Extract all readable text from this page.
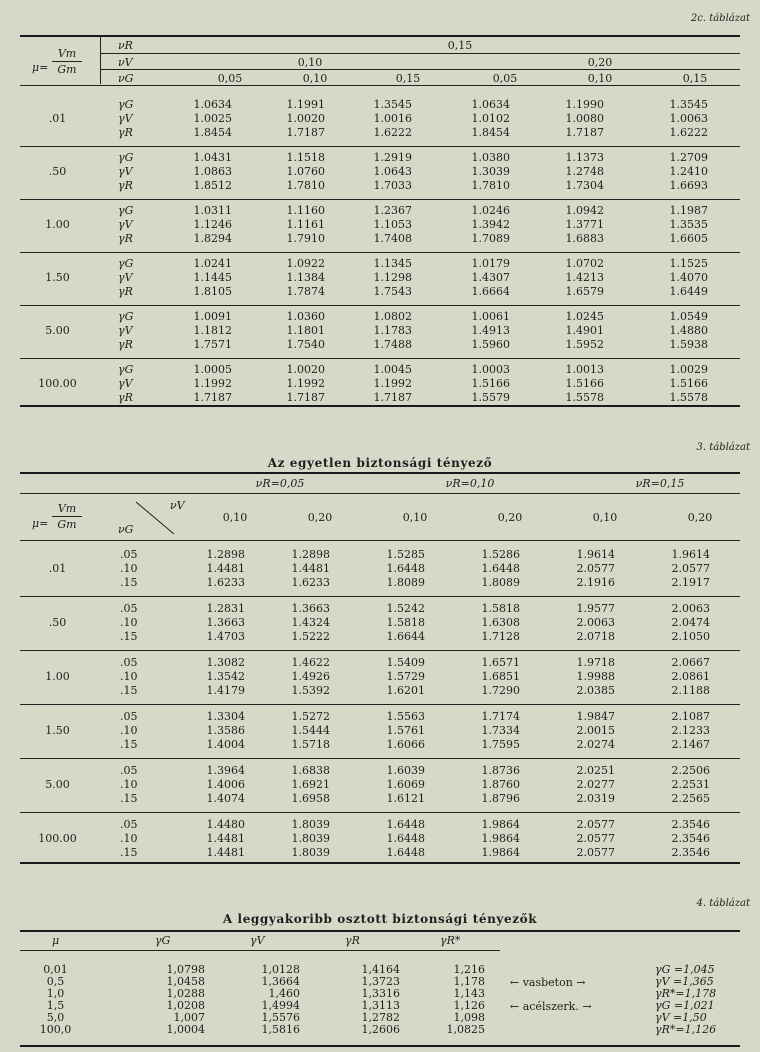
2c. táblázat
νR	0,15
νV	0,10	0,20
νG	0,05	0,10	0,15	0,05	0,10	0,15
μ=
Vm
Gm
.01
γG	1.0634	1.1991	1.3545	1.0634	1.1990	1.3545
γV	1.0025	1.0020	1.0016	1.0102	1.0080	1.0063
γR	1.8454	1.7187	1.6222	1.8454	1.7187	1.6222
.50
γG	1.0431	1.1518	1.2919	1.0380	1.1373	1.2709
γV	1.0863	1.0760	1.0643	1.3039	1.2748	1.2410
γR	1.8512	1.7810	1.7033	1.7810	1.7304	1.6693
1.00
γG	1.0311	1.1160	1.2367	1.0246	1.0942	1.1987
γV	1.1246	1.1161	1.1053	1.3942	1.3771	1.3535
γR	1.8294	1.7910	1.7408	1.7089	1.6883	1.6605
1.50
γG	1.0241	1.0922	1.1345	1.0179	1.0702	1.1525
γV	1.1445	1.1384	1.1298	1.4307	1.4213	1.4070
γR	1.8105	1.7874	1.7543	1.6664	1.6579	1.6449
5.00
γG	1.0091	1.0360	1.0802	1.0061	1.0245	1.0549
γV	1.1812	1.1801	1.1783	1.4913	1.4901	1.4880
γR	1.7571	1.7540	1.7488	1.5960	1.5952	1.5938
100.00
γG	1.0005	1.0020	1.0045	1.0003	1.0013	1.0029
γV	1.1992	1.1992	1.1992	1.5166	1.5166	1.5166
γR	1.7187	1.7187	1.7187	1.5579	1.5578	1.5578
3. táblázat
Az egyetlen biztonsági tényező
νR=0,05	νR=0,10	νR=0,15
μ=
Vm
Gm
νV
νG
0,10	0,20	0,10	0,20	0,10	0,20
.01
.05	1.2898	1.2898	1.5285	1.5286	1.9614	1.9614
.10	1.4481	1.4481	1.6448	1.6448	2.0577	2.0577
.15	1.6233	1.6233	1.8089	1.8089	2.1916	2.1917
.50
.05	1.2831	1.3663	1.5242	1.5818	1.9577	2.0063
.10	1.3663	1.4324	1.5818	1.6308	2.0063	2.0474
.15	1.4703	1.5222	1.6644	1.7128	2.0718	2.1050
1.00
.05	1.3082	1.4622	1.5409	1.6571	1.9718	2.0667
.10	1.3542	1.4926	1.5729	1.6851	1.9988	2.0861
.15	1.4179	1.5392	1.6201	1.7290	2.0385	2.1188
1.50
.05	1.3304	1.5272	1.5563	1.7174	1.9847	2.1087
.10	1.3586	1.5444	1.5761	1.7334	2.0015	2.1233
.15	1.4004	1.5718	1.6066	1.7595	2.0274	2.1467
5.00
.05	1.3964	1.6838	1.6039	1.8736	2.0251	2.2506
.10	1.4006	1.6921	1.6069	1.8760	2.0277	2.2531
.15	1.4074	1.6958	1.6121	1.8796	2.0319	2.2565
100.00
.05	1.4480	1.8039	1.6448	1.9864	2.0577	2.3546
.10	1.4481	1.8039	1.6448	1.9864	2.0577	2.3546
.15	1.4481	1.8039	1.6448	1.9864	2.0577	2.3546
4. táblázat
A leggyakoribb osztott biztonsági tényezők
μ	γG	γV	γR	γR*
0,01	1,0798	1,0128	1,4164	1,216
0,5	1,0458	1,3664	1,3723	1,178
1,0	1,0288	1,460	1,3316	1,143
1,5	1,0208	1,4994	1,3113	1,126
5,0	1,007	1,5576	1,2782	1,098
100,0	1,0004	1,5816	1,2606	1,0825
← vasbeton →
← acélszerk. →
γG =1,045
γV =1,365
γR*=1,178
γG =1,021
γV =1,50
γR*=1,126
